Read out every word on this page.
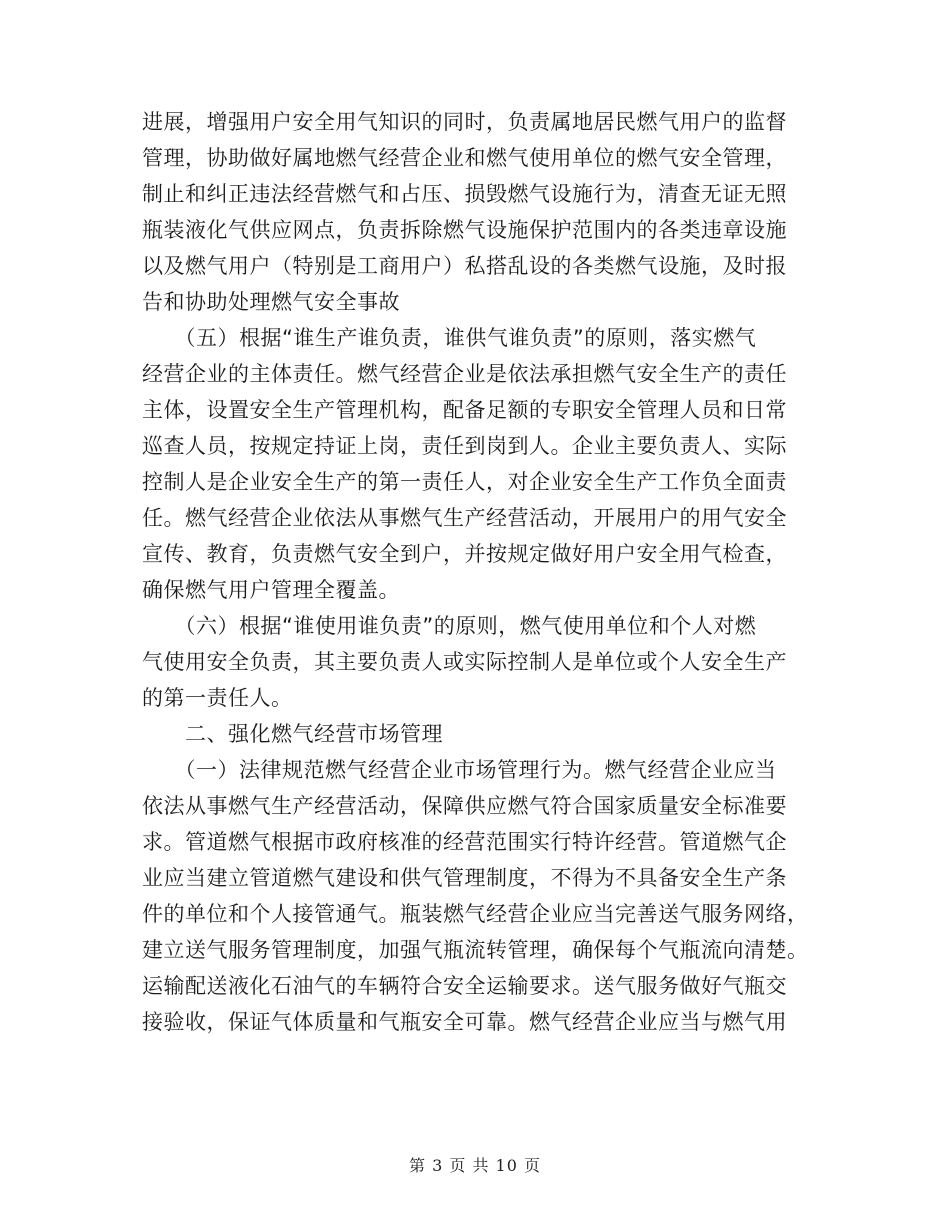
进展，增强用户安全用气知识的同时，负责属地居民燃气用户的监督
管理，协助做好属地燃气经营企业和燃气使用单位的燃气安全管理，
制止和纠正违法经营燃气和占压、损毁燃气设施行为，清查无证无照
瓶装液化气供应网点，负责拆除燃气设施保护范围内的各类违章设施
以及燃气用户（特别是工商用户）私搭乱设的各类燃气设施，及时报
告和协助处理燃气安全事故
　　（五）根据“谁生产谁负责，谁供气谁负责”的原则，落实燃气
经营企业的主体责任。燃气经营企业是依法承担燃气安全生产的责任
主体，设置安全生产管理机构，配备足额的专职安全管理人员和日常
巡查人员，按规定持证上岗，责任到岗到人。企业主要负责人、实际
控制人是企业安全生产的第一责任人，对企业安全生产工作负全面责
任。燃气经营企业依法从事燃气生产经营活动，开展用户的用气安全
宣传、教育，负责燃气安全到户，并按规定做好用户安全用气检查，
确保燃气用户管理全覆盖。
　　（六）根据“谁使用谁负责”的原则，燃气使用单位和个人对燃
气使用安全负责，其主要负责人或实际控制人是单位或个人安全生产
的第一责任人。
　　二、强化燃气经营市场管理
　　（一）法律规范燃气经营企业市场管理行为。燃气经营企业应当
依法从事燃气生产经营活动，保障供应燃气符合国家质量安全标准要
求。管道燃气根据市政府核准的经营范围实行特许经营。管道燃气企
业应当建立管道燃气建设和供气管理制度，不得为不具备安全生产条
件的单位和个人接管通气。瓶装燃气经营企业应当完善送气服务网络，
建立送气服务管理制度，加强气瓶流转管理，确保每个气瓶流向清楚。
运输配送液化石油气的车辆符合安全运输要求。送气服务做好气瓶交
接验收，保证气体质量和气瓶安全可靠。燃气经营企业应当与燃气用
第 3 页 共 10 页
